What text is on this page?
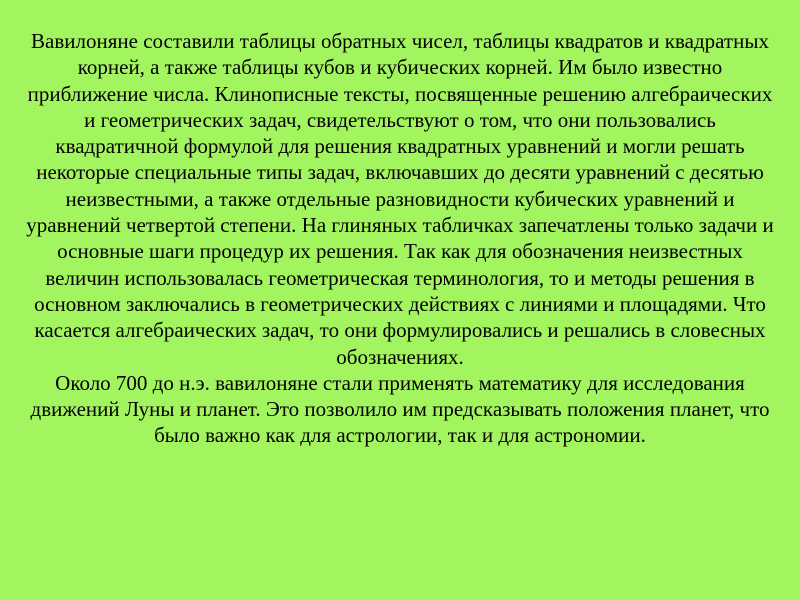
Вавилоняне составили таблицы обратных чисел, таблицы квадратов и квадратных корней, а также таблицы кубов и кубических корней. Им было известно приближение числа. Клинописные тексты, посвященные решению алгебраических и геометрических задач, свидетельствуют о том, что они пользовались квадратичной формулой для решения квадратных уравнений и могли решать некоторые специальные типы задач, включавших до десяти уравнений с десятью неизвестными, а также отдельные разновидности кубических уравнений и уравнений четвертой степени. На глиняных табличках запечатлены только задачи и основные шаги процедур их решения. Так как для обозначения неизвестных величин использовалась геометрическая терминология, то и методы решения в основном заключались в геометрических действиях с линиями и площадями. Что касается алгебраических задач, то они формулировались и решались в словесных обозначениях.

Около 700 до н.э. вавилоняне стали применять математику для исследования движений Луны и планет. Это позволило им предсказывать положения планет, что было важно как для астрологии, так и для астрономии.
